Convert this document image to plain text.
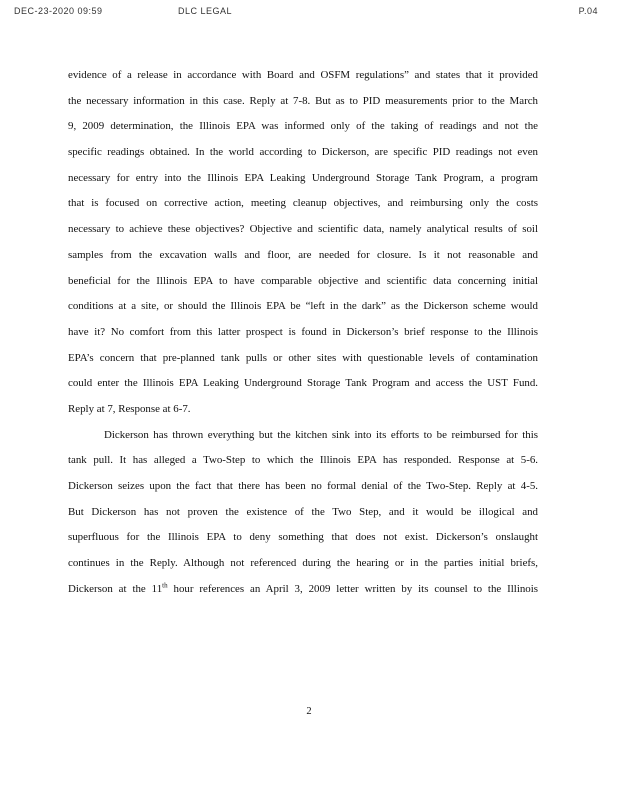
DEC-23-2020 09:59	DLC LEGAL	P.04
evidence of a release in accordance with Board and OSFM regulations” and states that it provided
the necessary information in this case. Reply at 7-8. But as to PID measurements prior to the March
9, 2009 determination, the Illinois EPA was informed only of the taking of readings and not the
specific readings obtained. In the world according to Dickerson, are specific PID readings not even
necessary for entry into the Illinois EPA Leaking Underground Storage Tank Program, a program
that is focused on corrective action, meeting cleanup objectives, and reimbursing only the costs
necessary to achieve these objectives? Objective and scientific data, namely analytical results of soil
samples from the excavation walls and floor, are needed for closure. Is it not reasonable and
beneficial for the Illinois EPA to have comparable objective and scientific data concerning initial
conditions at a site, or should the Illinois EPA be “left in the dark” as the Dickerson scheme would
have it? No comfort from this latter prospect is found in Dickerson’s brief response to the Illinois
EPA’s concern that pre-planned tank pulls or other sites with questionable levels of contamination
could enter the Illinois EPA Leaking Underground Storage Tank Program and access the UST Fund.
Reply at 7, Response at 6-7.
Dickerson has thrown everything but the kitchen sink into its efforts to be reimbursed for this
tank pull. It has alleged a Two-Step to which the Illinois EPA has responded. Response at 5-6.
Dickerson seizes upon the fact that there has been no formal denial of the Two-Step. Reply at 4-5.
But Dickerson has not proven the existence of the Two Step, and it would be illogical and
superfluous for the Illinois EPA to deny something that does not exist. Dickerson’s onslaught
continues in the Reply. Although not referenced during the hearing or in the parties initial briefs,
Dickerson at the 11th hour references an April 3, 2009 letter written by its counsel to the Illinois
2
